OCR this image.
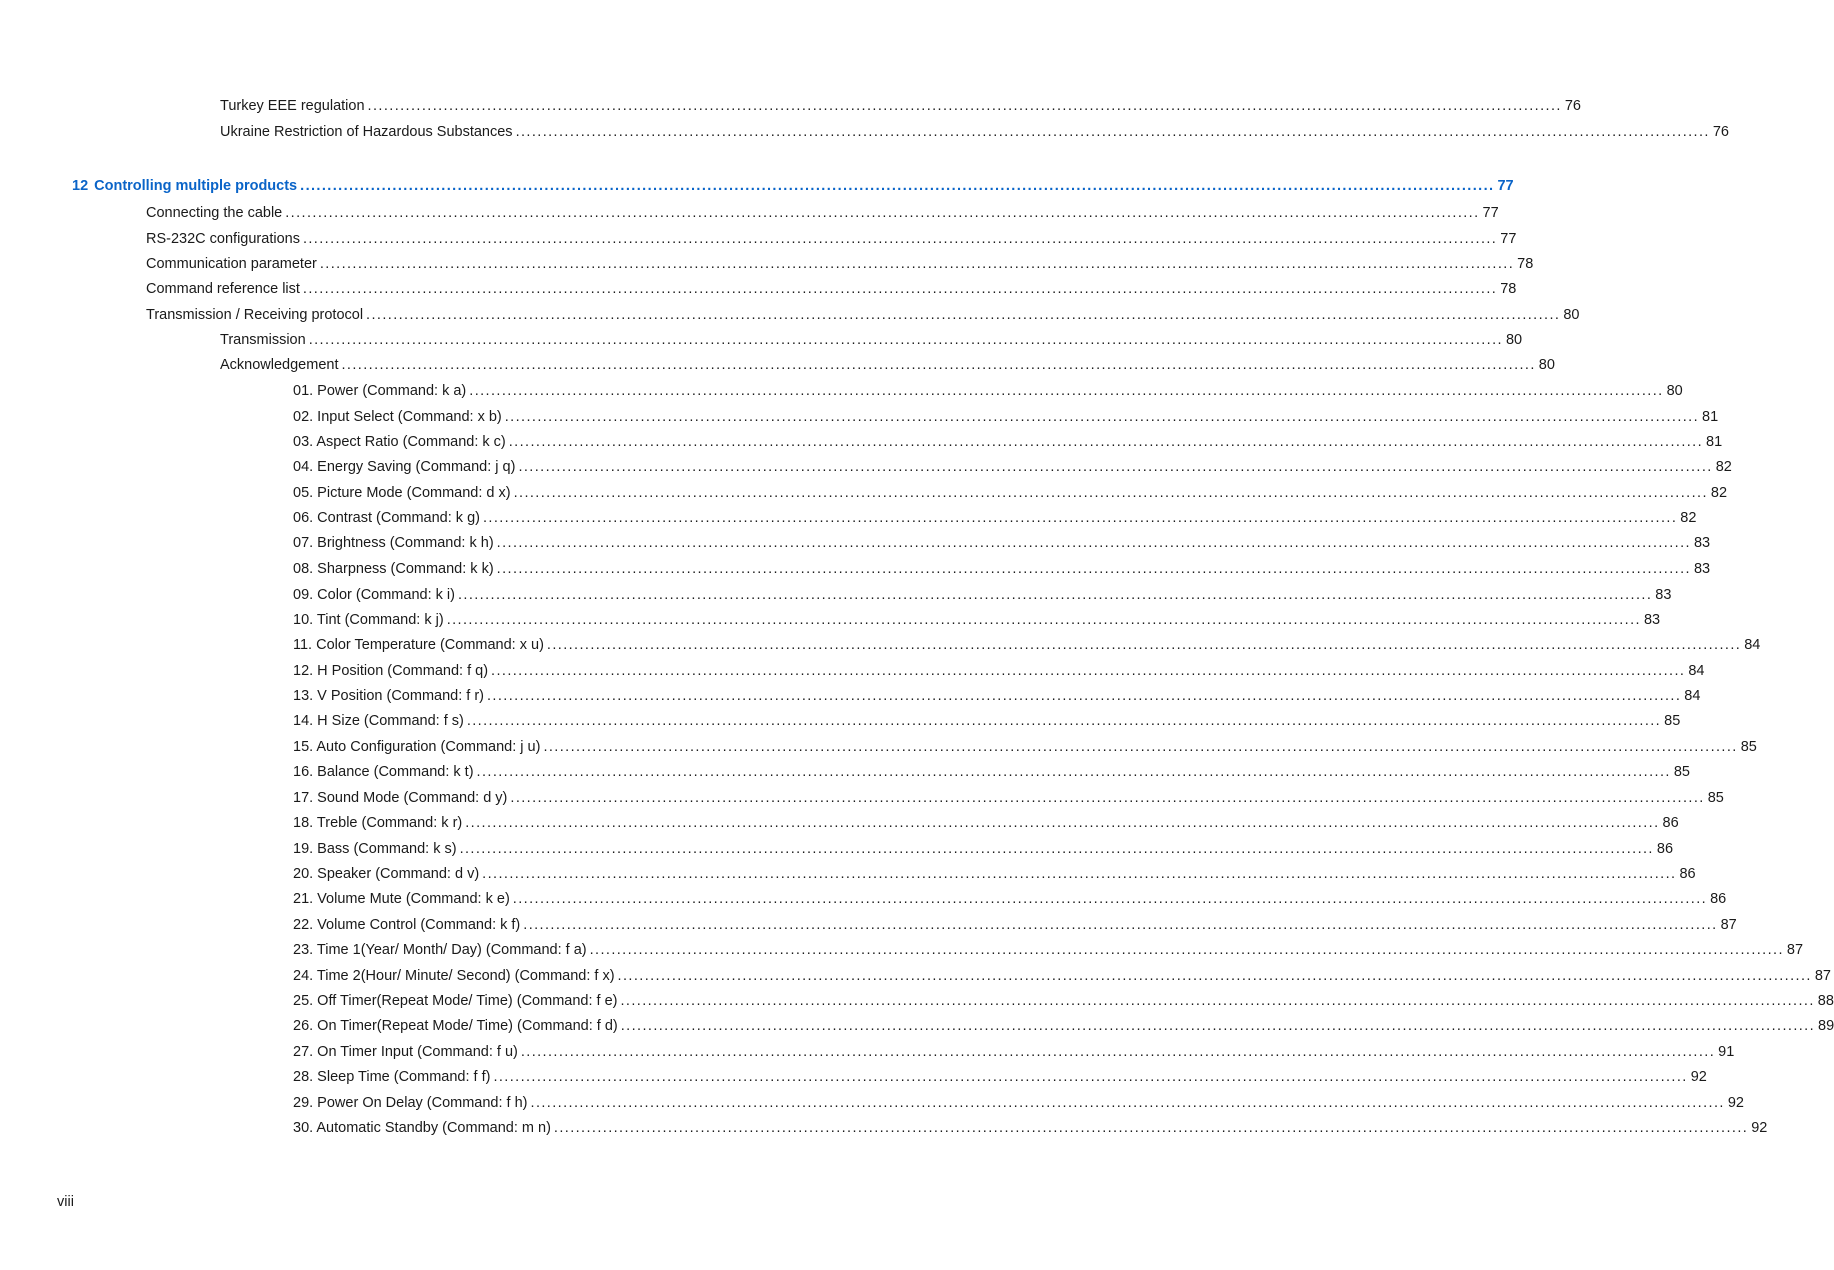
Turkey EEE regulation ............................................................................................................................................................................................................................ 76
Ukraine Restriction of Hazardous Substances ............................................................................................................................................................................................................................ 76
12 Controlling multiple products ............................................................................................................................................................................................................................ 77
Connecting the cable ............................................................................................................................................................................................................................ 77
RS-232C configurations ............................................................................................................................................................................................................................ 77
Communication parameter ............................................................................................................................................................................................................................ 78
Command reference list ............................................................................................................................................................................................................................ 78
Transmission / Receiving protocol ............................................................................................................................................................................................................................ 80
Transmission ............................................................................................................................................................................................................................ 80
Acknowledgement ............................................................................................................................................................................................................................ 80
01. Power (Command: k a) ............................................................................................................................................................................................................................ 80
02. Input Select (Command: x b) ............................................................................................................................................................................................................................ 81
03. Aspect Ratio (Command: k c) ............................................................................................................................................................................................................................ 81
04. Energy Saving (Command: j q) ............................................................................................................................................................................................................................ 82
05. Picture Mode (Command: d x) ............................................................................................................................................................................................................................ 82
06. Contrast (Command: k g) ............................................................................................................................................................................................................................ 82
07. Brightness (Command: k h) ............................................................................................................................................................................................................................ 83
08. Sharpness (Command: k k) ............................................................................................................................................................................................................................ 83
09. Color (Command: k i) ............................................................................................................................................................................................................................ 83
10. Tint (Command: k j) ............................................................................................................................................................................................................................ 83
11. Color Temperature (Command: x u) ............................................................................................................................................................................................................................ 84
12. H Position (Command: f q) ............................................................................................................................................................................................................................ 84
13. V Position (Command: f r) ............................................................................................................................................................................................................................ 84
14. H Size (Command: f s) ............................................................................................................................................................................................................................ 85
15. Auto Configuration (Command: j u) ............................................................................................................................................................................................................................ 85
16. Balance (Command: k t) ............................................................................................................................................................................................................................ 85
17. Sound Mode (Command: d y) ............................................................................................................................................................................................................................ 85
18. Treble (Command: k r) ............................................................................................................................................................................................................................ 86
19. Bass (Command: k s) ............................................................................................................................................................................................................................ 86
20. Speaker (Command: d v) ............................................................................................................................................................................................................................ 86
21. Volume Mute (Command: k e) ............................................................................................................................................................................................................................ 86
22. Volume Control (Command: k f) ............................................................................................................................................................................................................................ 87
23. Time 1(Year/ Month/ Day) (Command: f a) ............................................................................................................................................................................................................................ 87
24. Time 2(Hour/ Minute/ Second) (Command: f x) ............................................................................................................................................................................................................................ 87
25. Off Timer(Repeat Mode/ Time) (Command: f e) ............................................................................................................................................................................................................................ 88
26. On Timer(Repeat Mode/ Time) (Command: f d) ............................................................................................................................................................................................................................ 89
27. On Timer Input (Command: f u) ............................................................................................................................................................................................................................ 91
28. Sleep Time (Command: f f) ............................................................................................................................................................................................................................ 92
29. Power On Delay (Command: f h) ............................................................................................................................................................................................................................ 92
30. Automatic Standby (Command: m n) ............................................................................................................................................................................................................................ 92
viii
